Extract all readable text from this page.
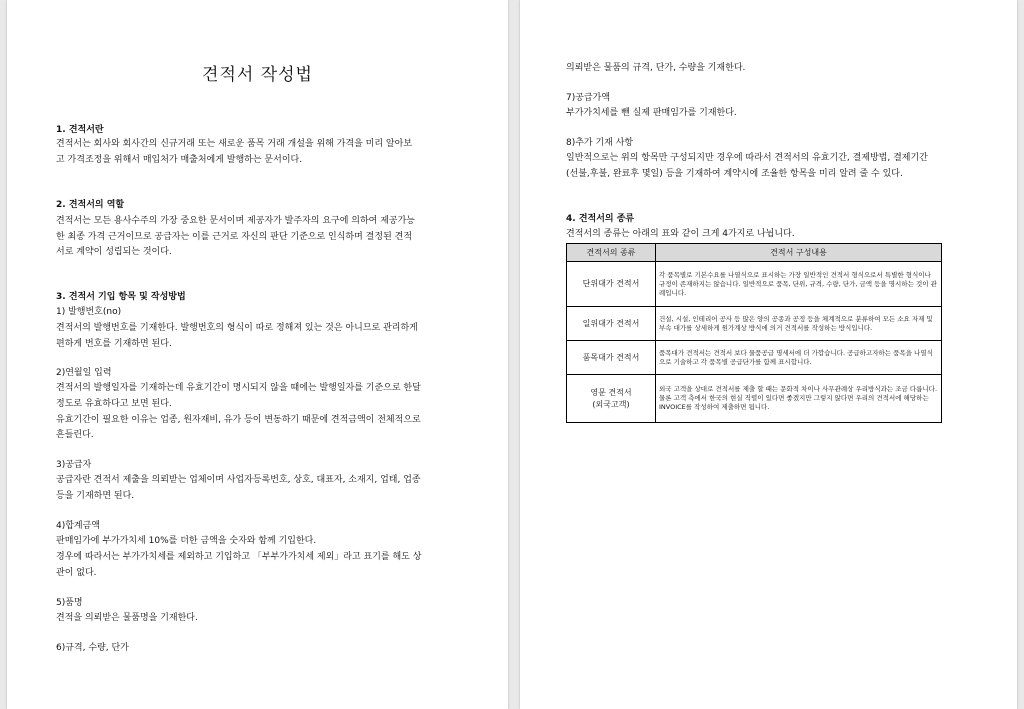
견적서 작성법
1. 견적서란
견적서는 회사와 회사간의 신규거래 또는 새로운 품목 거래 개설을 위해 가격을 미리 알아보
고 가격조정을 위해서 매입처가 매출처에게 발행하는 문서이다.
2. 견적서의 역할
견적서는 모든 용사수주의 가장 중요한 문서이며 제공자가 발주자의 요구에 의하여 제공가능
한 최종 가격 근거이므로 공급자는 이를 근거로 자신의 판단 기준으로 인식하며 결정된 견적
서로 계약이 성립되는 것이다.
3. 견적서 기입 항목 및 작성방법
1) 발행번호(no)
견적서의 발행번호를 기재한다. 발행번호의 형식이 따로 정해져 있는 것은 아니므로 관리하게
편하게 번호를 기재하면 된다.
2)연월일 입력
견적서의 발행일자를 기재하는데 유효기간이 명시되지 않을 때에는 발행일자를 기준으로 한달
정도로 유효하다고 보면 된다.
유효기간이 필요한 이유는 업종, 원자재비, 유가 등이 변동하기 때문에 견적금액이 전체적으로
흔들린다.
3)공급자
공급자란 견적서 제출을 의뢰받는 업체이며 사업자등록번호, 상호, 대표자, 소재지, 업태, 업종
등을 기재하면 된다.
4)합계금액
판매임가에 부가가치세 10%를 더한 금액을 숫자와 함께 기입한다.
경우에 따라서는 부가가치세를 제외하고 기입하고 「부부가가치세 제외」라고 표기를 해도 상
관이 없다.
5)품명
견적을 의뢰받은 물품명을 기재한다.
6)규격, 수량, 단가
의뢰받은 물품의 규격, 단가, 수량을 기재한다.
7)공급가액
부가가치세를 뺀 실제 판매임가를 기재한다.
8)추가 기재 사항
일반적으로는 위의 항목만 구성되지만 경우에 따라서 견적서의 유효기간, 결제방법, 결제기간
(선불,후불, 완료후 몇일) 등을 기재하여 계약시에 조율한 항목을 미리 알려 줄 수 있다.
4. 견적서의 종류
견적서의 종류는 아래의 표와 같이 크게 4가지로 나뉩니다.
견적서의 종류	견적서 구성내용
단위대가 견적서	각 품목별로 기본수요를 나열식으로 표시하는 가장 일반적인 견적서 형식으로서 특별한 형식이나 규정이 존재하지는 않습니다. 일반적으로 품목, 단위, 규격, 수량, 단가, 금액 등을 명시하는 것이 관례입니다.
일위대가 견적서	건설, 시설, 인테리어 공사 등 많은 양의 공종과 공정 등을 체계적으로 분류하여 모든 소요 자재 및 부속 대가를 상세하게 원가계상 방식에 의거 견적서를 작성하는 방식입니다.
품목대가 견적서	품목대가 견적서는 견적서 보다 물품공급 명세서에 더 가깝습니다. 공급하고자하는 품목을 나열식으로 기술하고 각 품목별 공급단가를 함께 표시합니다.
영문 견적서
(외국고객)	외국 고객을 상대로 견적서를 제출 할 때는 문화적 차이나 사무관례상 우리방식과는 조금 다릅니다. 물론 고객 측에서 한국의 현실 직렬이 있다면 좋겠지만 그렇지 않다면 우리의 견적서에 해당하는 INVOICE를 작성하여 제출하면 됩니다.
